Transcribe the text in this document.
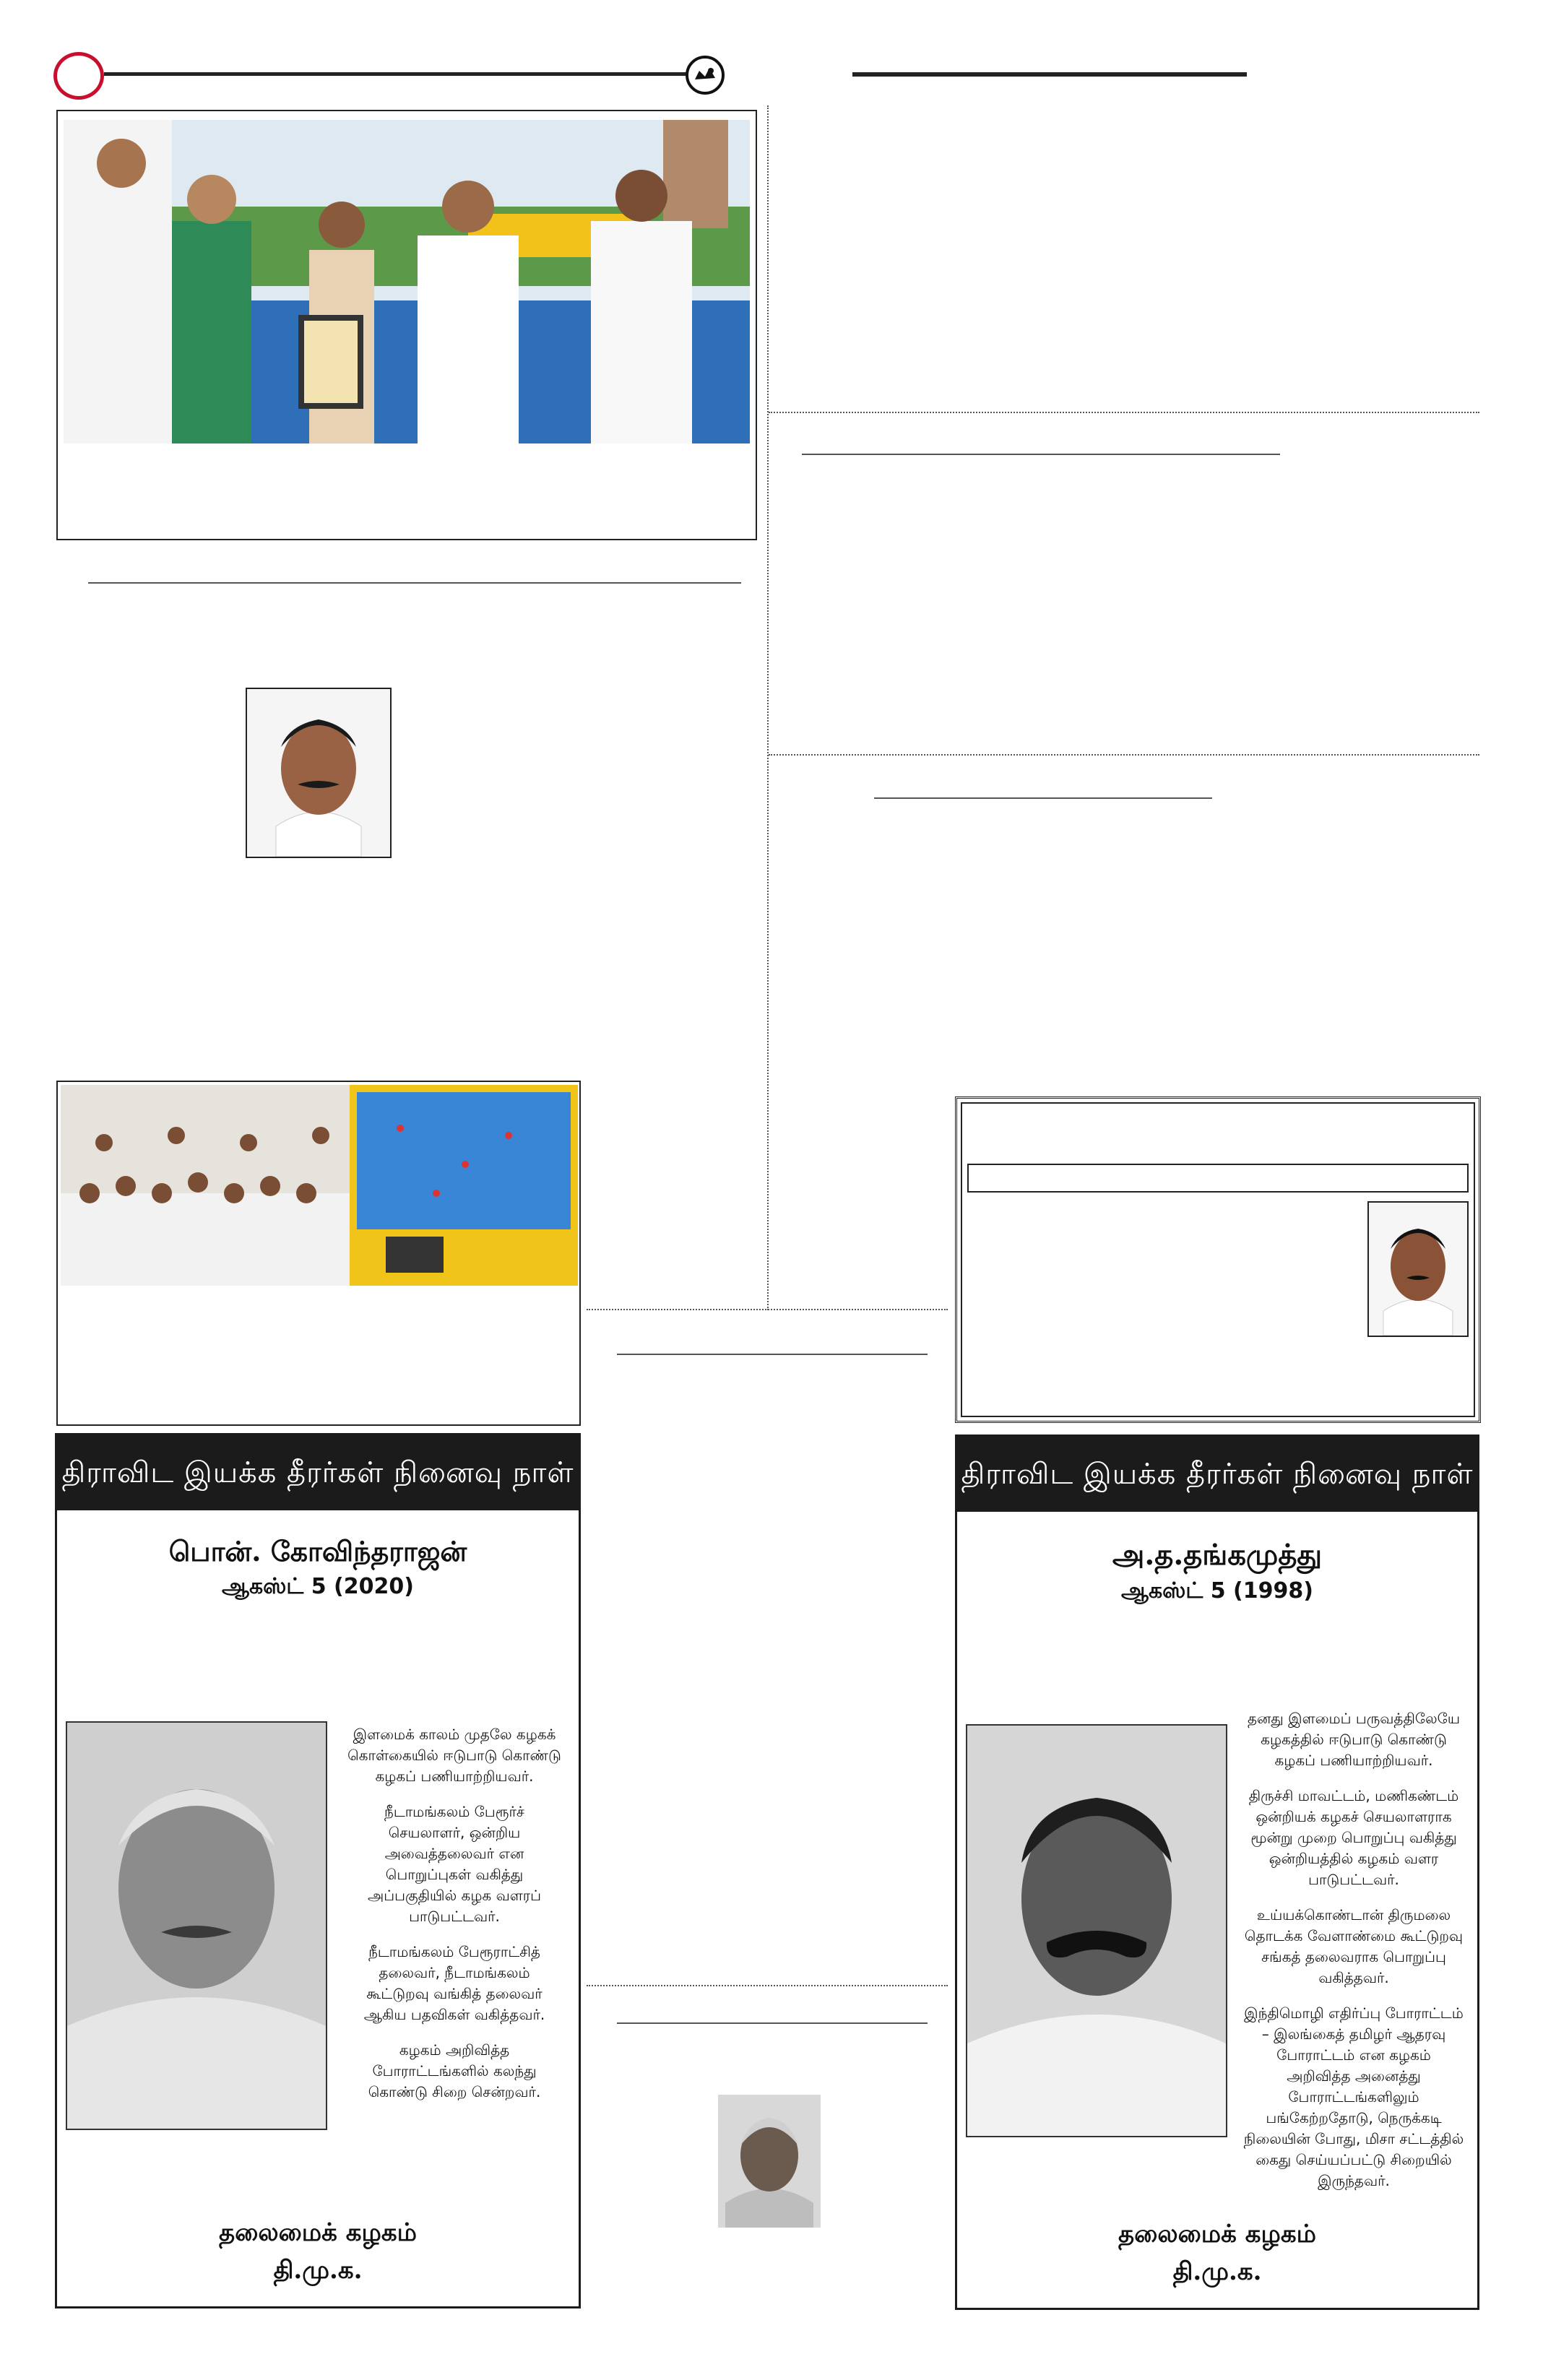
திராவிட இயக்க தீரர்கள் நினைவு நாள்
பொன். கோவிந்தராஜன்
ஆகஸ்ட் 5 (2020)

இளமைக் காலம் முதலே கழகக் கொள்கையில் ஈடுபாடு கொண்டு கழகப் பணியாற்றியவர்.

நீடாமங்கலம் பேரூர்ச் செயலாளர், ஒன்றிய அவைத்தலைவர் என பொறுப்புகள் வகித்து அப்பகுதியில் கழக வளரப் பாடுபட்டவர்.

நீடாமங்கலம் பேரூராட்சித் தலைவர், நீடாமங்கலம் கூட்டுறவு வங்கித் தலைவர் ஆகிய பதவிகள் வகித்தவர்.

கழகம் அறிவித்த போராட்டங்களில் கலந்து கொண்டு சிறை சென்றவர்.

தலைமைக் கழகம்
தி.மு.க.
திராவிட இயக்க தீரர்கள் நினைவு நாள்
அ.த.தங்கமுத்து
ஆகஸ்ட் 5 (1998)

தனது இளமைப் பருவத்திலேயே கழகத்தில் ஈடுபாடு கொண்டு கழகப் பணியாற்றியவர்.

திருச்சி மாவட்டம், மணிகண்டம் ஒன்றியக் கழகச் செயலாளராக மூன்று முறை பொறுப்பு வகித்து ஒன்றியத்தில் கழகம் வளர பாடுபட்டவர்.

உய்யக்கொண்டான் திருமலை தொடக்க வேளாண்மை கூட்டுறவு சங்கத் தலைவராக பொறுப்பு வகித்தவர்.

இந்திமொழி எதிர்ப்பு போராட்டம் – இலங்கைத் தமிழர் ஆதரவு போராட்டம் என கழகம் அறிவித்த அனைத்து போராட்டங்களிலும் பங்கேற்றதோடு, நெருக்கடி நிலையின் போது, மிசா சட்டத்தில் கைது செய்யப்பட்டு சிறையில் இருந்தவர்.

தலைமைக் கழகம்
தி.மு.க.
